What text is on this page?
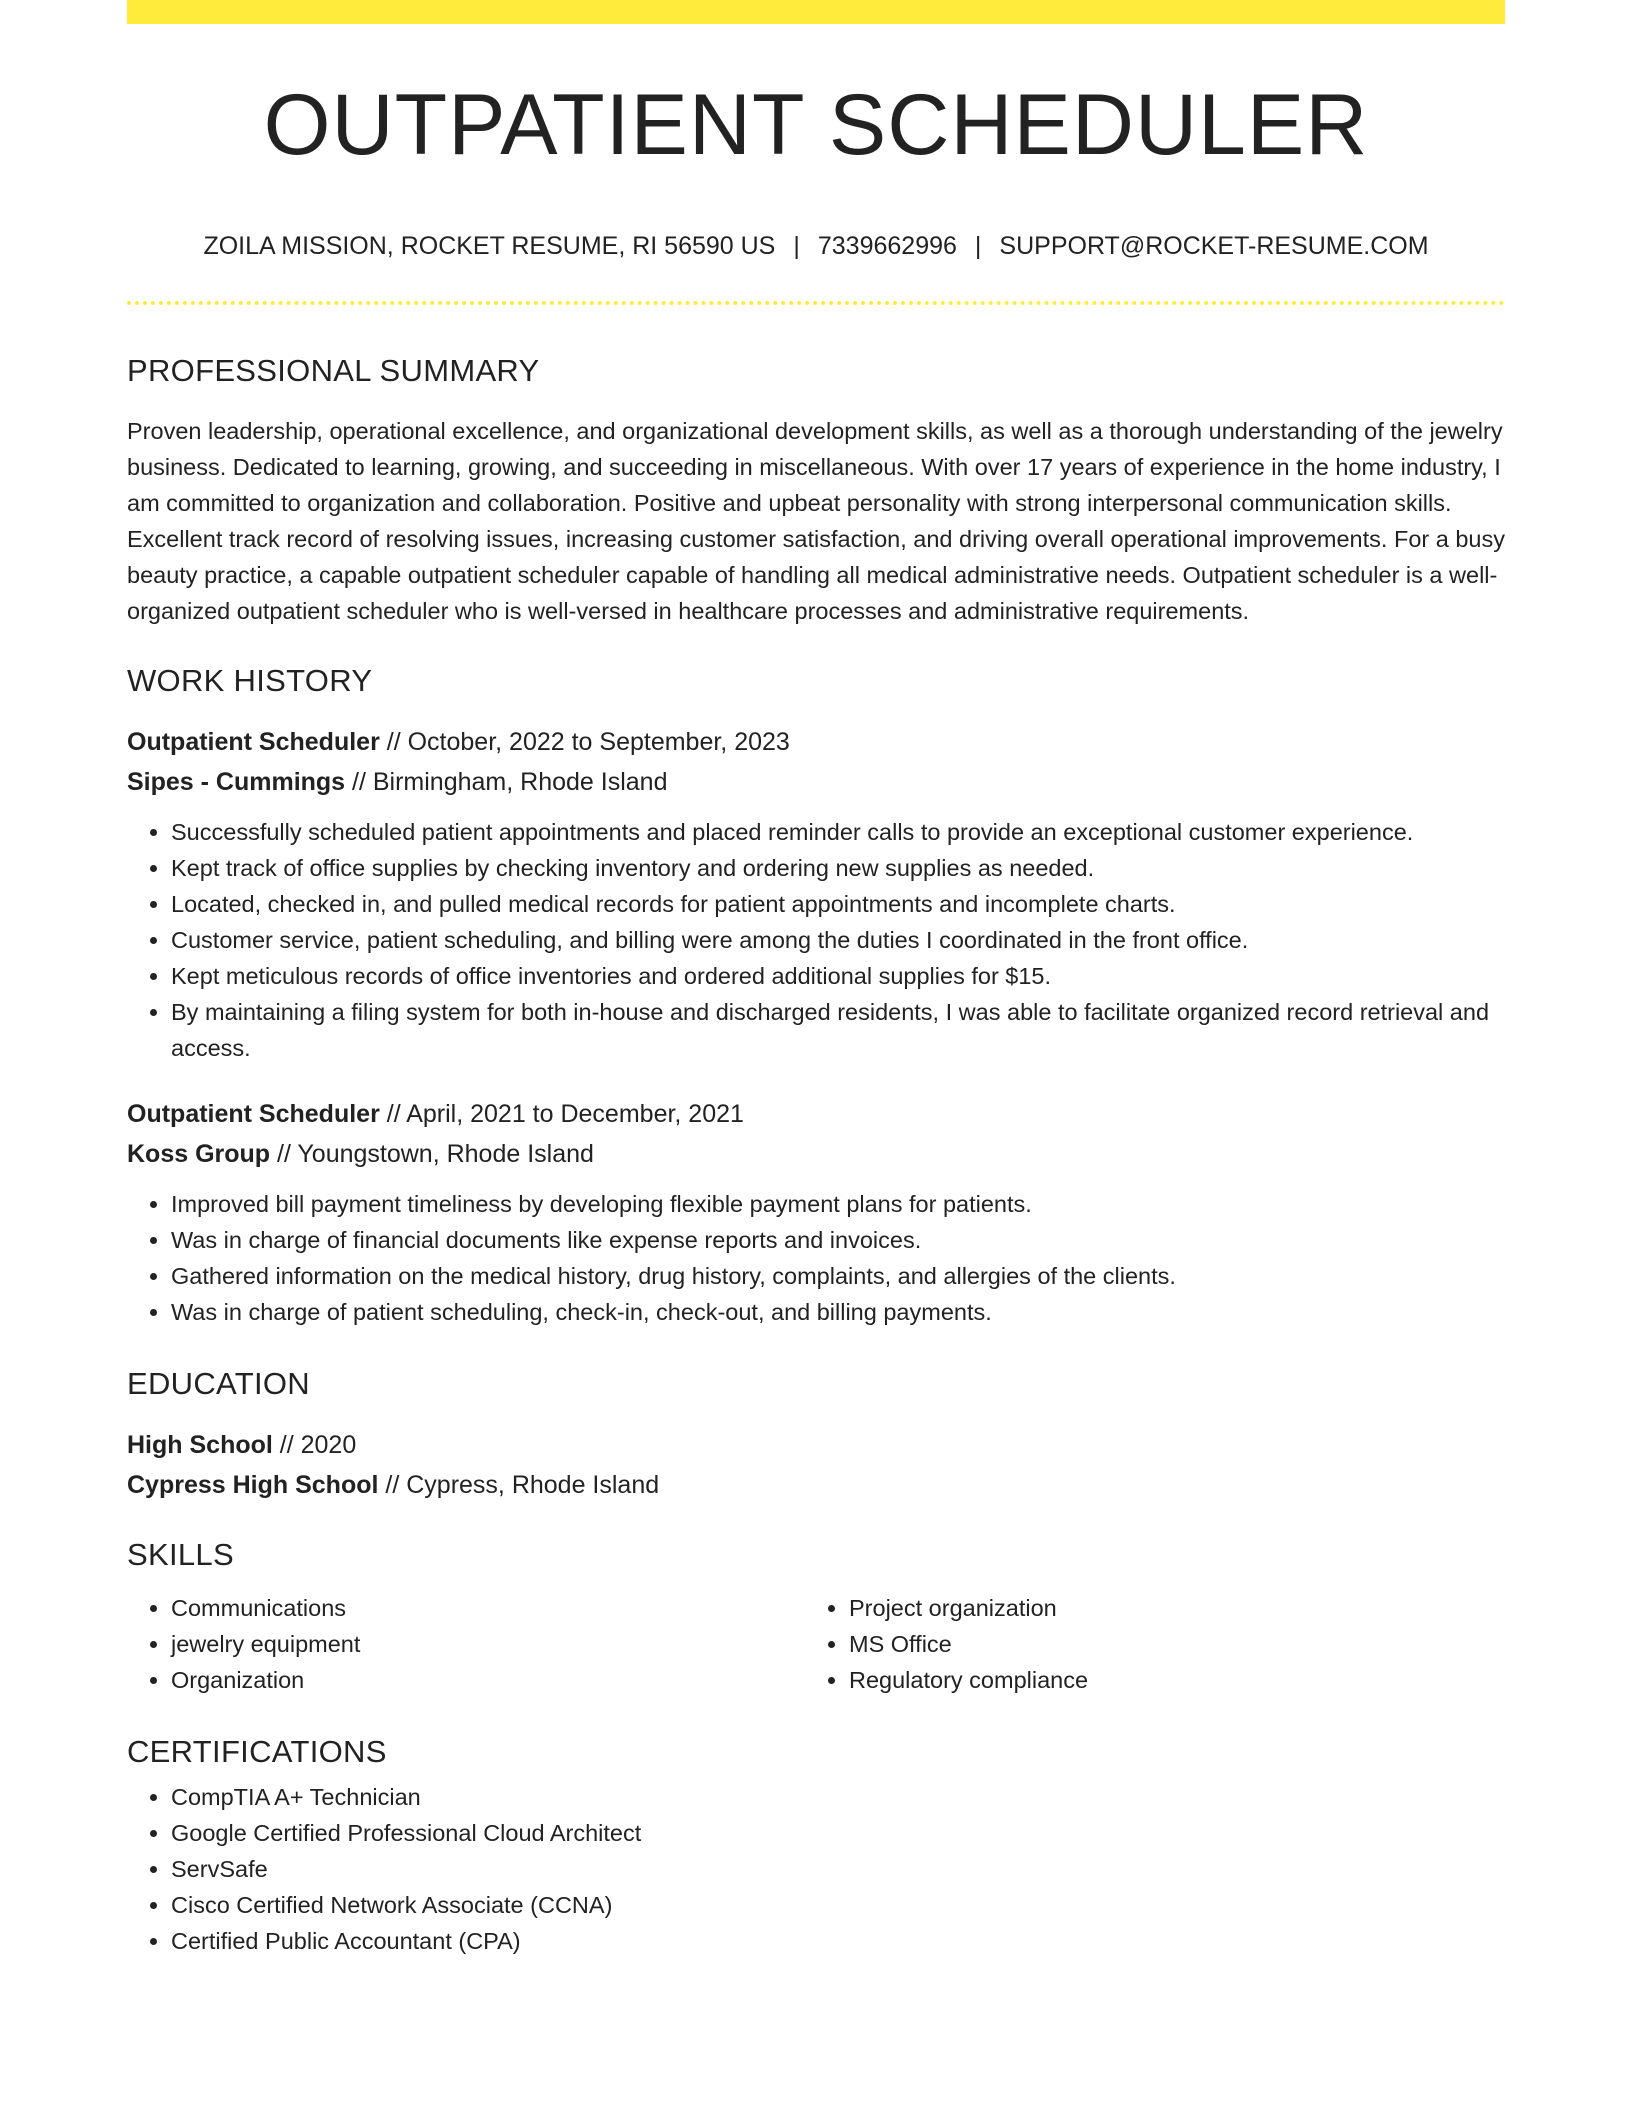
OUTPATIENT SCHEDULER
ZOILA MISSION, ROCKET RESUME, RI 56590 US | 7339662996 | SUPPORT@ROCKET-RESUME.COM
PROFESSIONAL SUMMARY
Proven leadership, operational excellence, and organizational development skills, as well as a thorough understanding of the jewelry business. Dedicated to learning, growing, and succeeding in miscellaneous. With over 17 years of experience in the home industry, I am committed to organization and collaboration. Positive and upbeat personality with strong interpersonal communication skills. Excellent track record of resolving issues, increasing customer satisfaction, and driving overall operational improvements. For a busy beauty practice, a capable outpatient scheduler capable of handling all medical administrative needs. Outpatient scheduler is a well-organized outpatient scheduler who is well-versed in healthcare processes and administrative requirements.
WORK HISTORY
Outpatient Scheduler // October, 2022 to September, 2023
Sipes - Cummings // Birmingham, Rhode Island
• Successfully scheduled patient appointments and placed reminder calls to provide an exceptional customer experience.
• Kept track of office supplies by checking inventory and ordering new supplies as needed.
• Located, checked in, and pulled medical records for patient appointments and incomplete charts.
• Customer service, patient scheduling, and billing were among the duties I coordinated in the front office.
• Kept meticulous records of office inventories and ordered additional supplies for $15.
• By maintaining a filing system for both in-house and discharged residents, I was able to facilitate organized record retrieval and access.
Outpatient Scheduler // April, 2021 to December, 2021
Koss Group // Youngstown, Rhode Island
• Improved bill payment timeliness by developing flexible payment plans for patients.
• Was in charge of financial documents like expense reports and invoices.
• Gathered information on the medical history, drug history, complaints, and allergies of the clients.
• Was in charge of patient scheduling, check-in, check-out, and billing payments.
EDUCATION
High School // 2020
Cypress High School // Cypress, Rhode Island
SKILLS
• Communications
• jewelry equipment
• Organization
• Project organization
• MS Office
• Regulatory compliance
CERTIFICATIONS
• CompTIA A+ Technician
• Google Certified Professional Cloud Architect
• ServSafe
• Cisco Certified Network Associate (CCNA)
• Certified Public Accountant (CPA)
